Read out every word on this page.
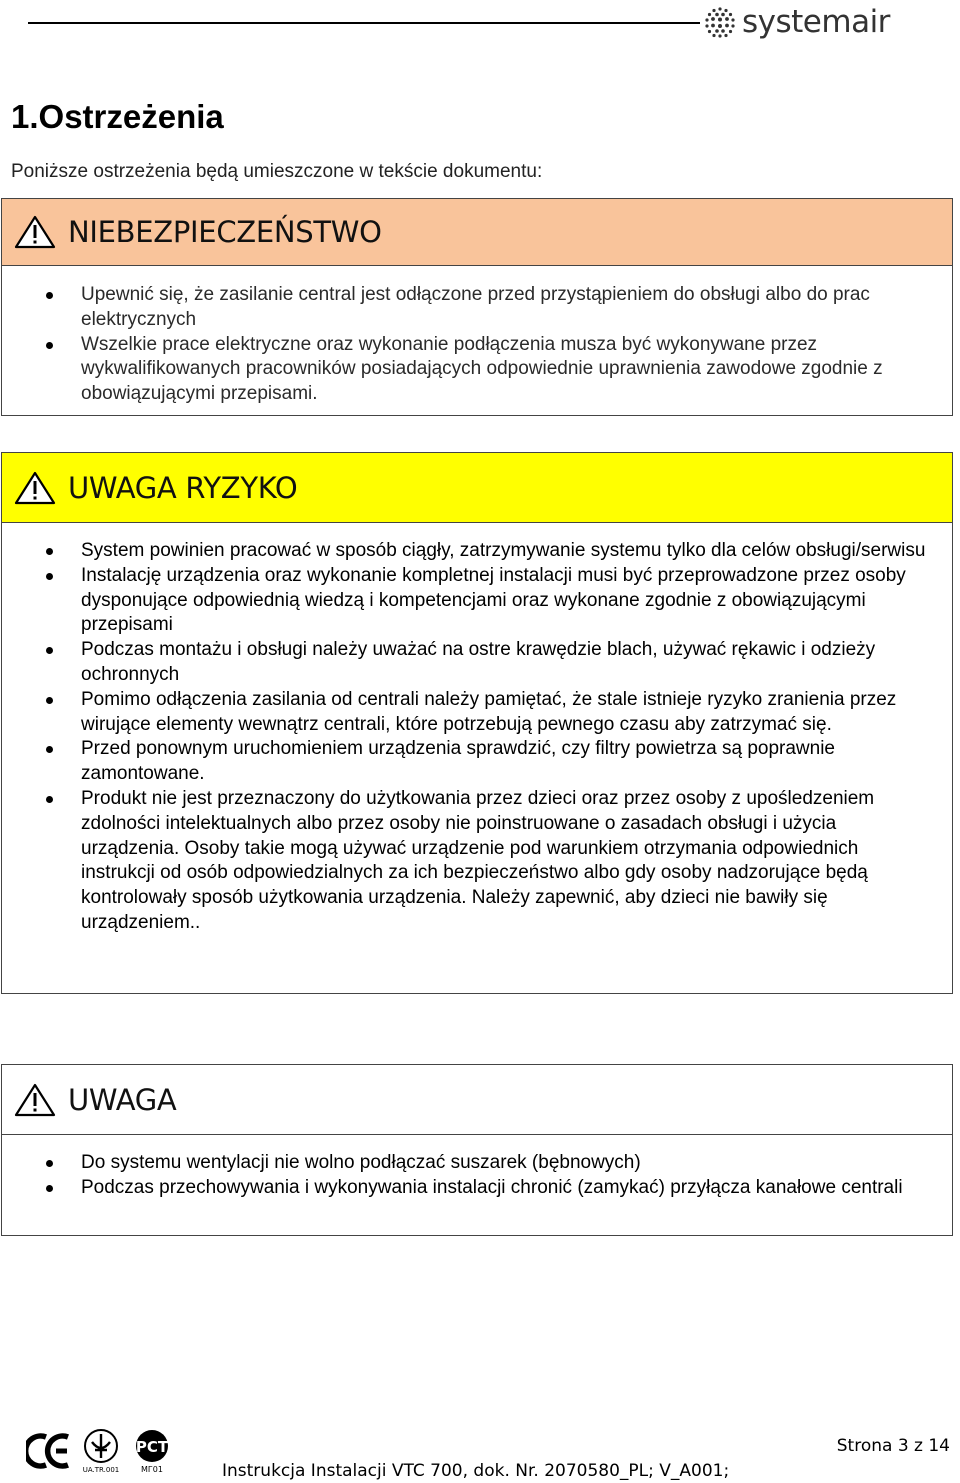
systemair
1.Ostrzeżenia

Poniższe ostrzeżenia będą umieszczone w tekście dokumentu:

NIEBEZPIECZEŃSTWO
Upewnić się, że zasilanie central jest odłączone przed przystąpieniem do obsługi albo do prac elektrycznych
Wszelkie prace elektryczne oraz wykonanie podłączenia musza być wykonywane przez wykwalifikowanych pracowników posiadających odpowiednie uprawnienia zawodowe zgodnie z obowiązującymi przepisami.
UWAGA RYZYKO
System powinien pracować w sposób ciągły, zatrzymywanie systemu tylko dla celów obsługi/serwisu
Instalację urządzenia oraz wykonanie kompletnej instalacji musi być przeprowadzone przez osoby dysponujące odpowiednią wiedzą i kompetencjami oraz wykonane zgodnie z obowiązującymi przepisami
Podczas montażu i obsługi należy uważać na ostre krawędzie blach, używać rękawic i odzieży ochronnych
Pomimo odłączenia zasilania od centrali należy pamiętać, że stale istnieje ryzyko zranienia przez wirujące elementy wewnątrz centrali, które potrzebują pewnego czasu aby zatrzymać się.
Przed ponownym uruchomieniem urządzenia sprawdzić, czy filtry powietrza są poprawnie zamontowane.
Produkt nie jest przeznaczony do użytkowania przez dzieci oraz przez osoby z upośledzeniem zdolności intelektualnych albo przez osoby nie poinstruowane o zasadach obsługi i użycia urządzenia. Osoby takie mogą używać urządzenie pod warunkiem otrzymania odpowiednich instrukcji od osób odpowiedzialnych za ich bezpieczeństwo albo gdy osoby nadzorujące będą kontrolowały sposób użytkowania urządzenia. Należy zapewnić, aby dzieci nie bawiły się urządzeniem..
UWAGA
Do systemu wentylacji nie wolno podłączać suszarek (bębnowych)
Podczas przechowywania i wykonywania instalacji chronić (zamykać) przyłącza kanałowe centrali
UA.TR.001
PCT
МГ01
Strona 3 z 14
Instrukcja Instalacji VTC 700, dok. Nr. 2070580_PL; V_A001;
